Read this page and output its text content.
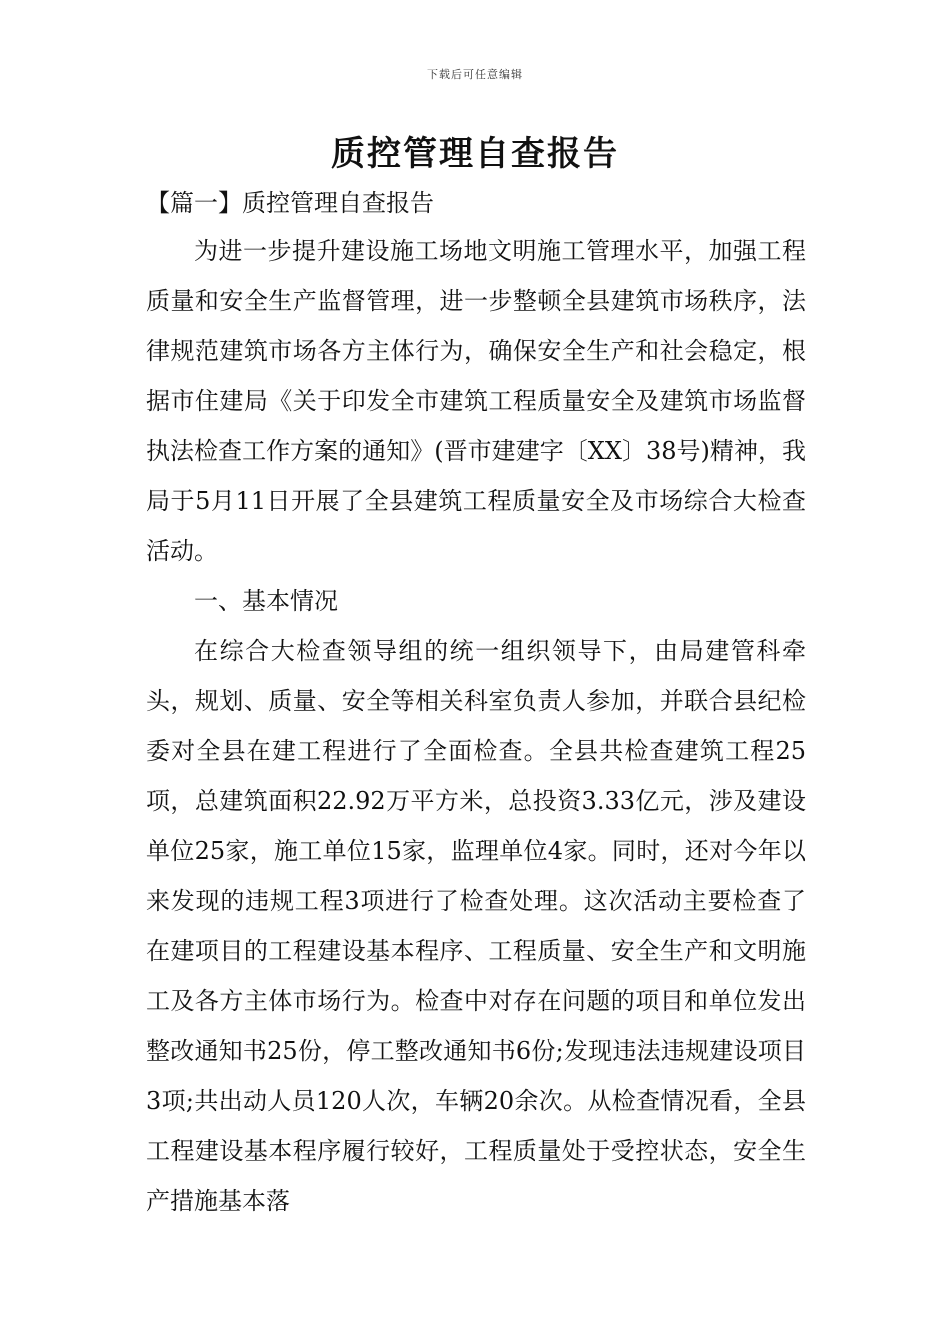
下载后可任意编辑
质控管理自查报告
【篇一】质控管理自查报告

为进一步提升建设施工场地文明施工管理水平，加强工程质量和安全生产监督管理，进一步整顿全县建筑市场秩序，法律规范建筑市场各方主体行为，确保安全生产和社会稳定，根据市住建局《关于印发全市建筑工程质量安全及建筑市场监督执法检查工作方案的通知》(晋市建建字〔XX〕38号)精神，我局于5月11日开展了全县建筑工程质量安全及市场综合大检查活动。

一、基本情况

在综合大检查领导组的统一组织领导下，由局建管科牵头，规划、质量、安全等相关科室负责人参加，并联合县纪检委对全县在建工程进行了全面检查。全县共检查建筑工程25项，总建筑面积22.92万平方米，总投资3.33亿元，涉及建设单位25家，施工单位15家，监理单位4家。同时，还对今年以来发现的违规工程3项进行了检查处理。这次活动主要检查了在建项目的工程建设基本程序、工程质量、安全生产和文明施工及各方主体市场行为。检查中对存在问题的项目和单位发出整改通知书25份，停工整改通知书6份;发现违法违规建设项目3项;共出动人员120人次，车辆20余次。从检查情况看，全县工程建设基本程序履行较好，工程质量处于受控状态，安全生产措施基本落
